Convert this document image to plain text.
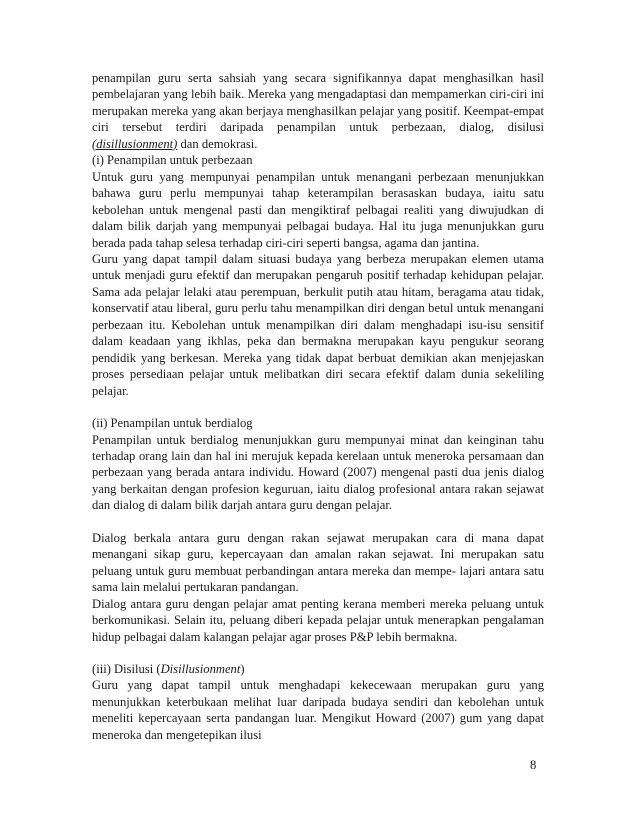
penampilan guru serta sahsiah yang secara signifikannya dapat menghasilkan hasil pembelajaran yang lebih baik. Mereka yang mengadaptasi dan mempamerkan ciri-ciri ini merupakan mereka yang akan berjaya menghasilkan pelajar yang positif. Keempat-empat ciri tersebut terdiri daripada penampilan untuk perbezaan, dialog, disilusi (disillusionment) dan demokrasi.

(i) Penampilan untuk perbezaan

Untuk guru yang mempunyai penampilan untuk menangani perbezaan menunjukkan bahawa guru perlu mempunyai tahap keterampilan berasaskan budaya, iaitu satu kebolehan untuk mengenal pasti dan mengiktiraf pelbagai realiti yang diwujudkan di dalam bilik darjah yang mempunyai pelbagai budaya. Hal itu juga menunjukkan guru berada pada tahap selesa terhadap ciri-ciri seperti bangsa, agama dan jantina.

Guru yang dapat tampil dalam situasi budaya yang berbeza merupakan elemen utama untuk menjadi guru efektif dan merupakan pengaruh positif terhadap kehidupan pelajar. Sama ada pelajar lelaki atau perempuan, berkulit putih atau hitam, beragama atau tidak, konservatif atau liberal, guru perlu tahu menampilkan diri dengan betul untuk menangani perbezaan itu. Kebolehan untuk menampilkan diri dalam menghadapi isu-isu sensitif dalam keadaan yang ikhlas, peka dan bermakna merupakan kayu pengukur seorang pendidik yang berkesan. Mereka yang tidak dapat berbuat demikian akan menjejaskan proses persediaan pelajar untuk melibatkan diri secara efektif dalam dunia sekeliling pelajar.

(ii) Penampilan untuk berdialog

Penampilan untuk berdialog menunjukkan guru mempunyai minat dan keinginan tahu terhadap orang lain dan hal ini merujuk kepada kerelaan untuk meneroka persamaan dan perbezaan yang berada antara individu. Howard (2007) mengenal pasti dua jenis dialog yang berkaitan dengan profesion keguruan, iaitu dialog profesional antara rakan sejawat dan dialog di dalam bilik darjah antara guru dengan pelajar.

Dialog berkala antara guru dengan rakan sejawat merupakan cara di mana dapat menangani sikap guru, kepercayaan dan amalan rakan sejawat. Ini merupakan satu peluang untuk guru membuat perbandingan antara mereka dan mempe- lajari antara satu sama lain melalui pertukaran pandangan.

Dialog antara guru dengan pelajar amat penting kerana memberi mereka peluang untuk berkomunikasi. Selain itu, peluang diberi kepada pelajar untuk menerapkan pengalaman hidup pelbagai dalam kalangan pelajar agar proses P&P lebih bermakna.

(iii) Disilusi (Disillusionment)

Guru yang dapat tampil untuk menghadapi kekecewaan merupakan guru yang menunjukkan keterbukaan melihat luar daripada budaya sendiri dan kebolehan untuk meneliti kepercayaan serta pandangan luar. Mengikut Howard (2007) gum yang dapat meneroka dan mengetepikan ilusi

8
